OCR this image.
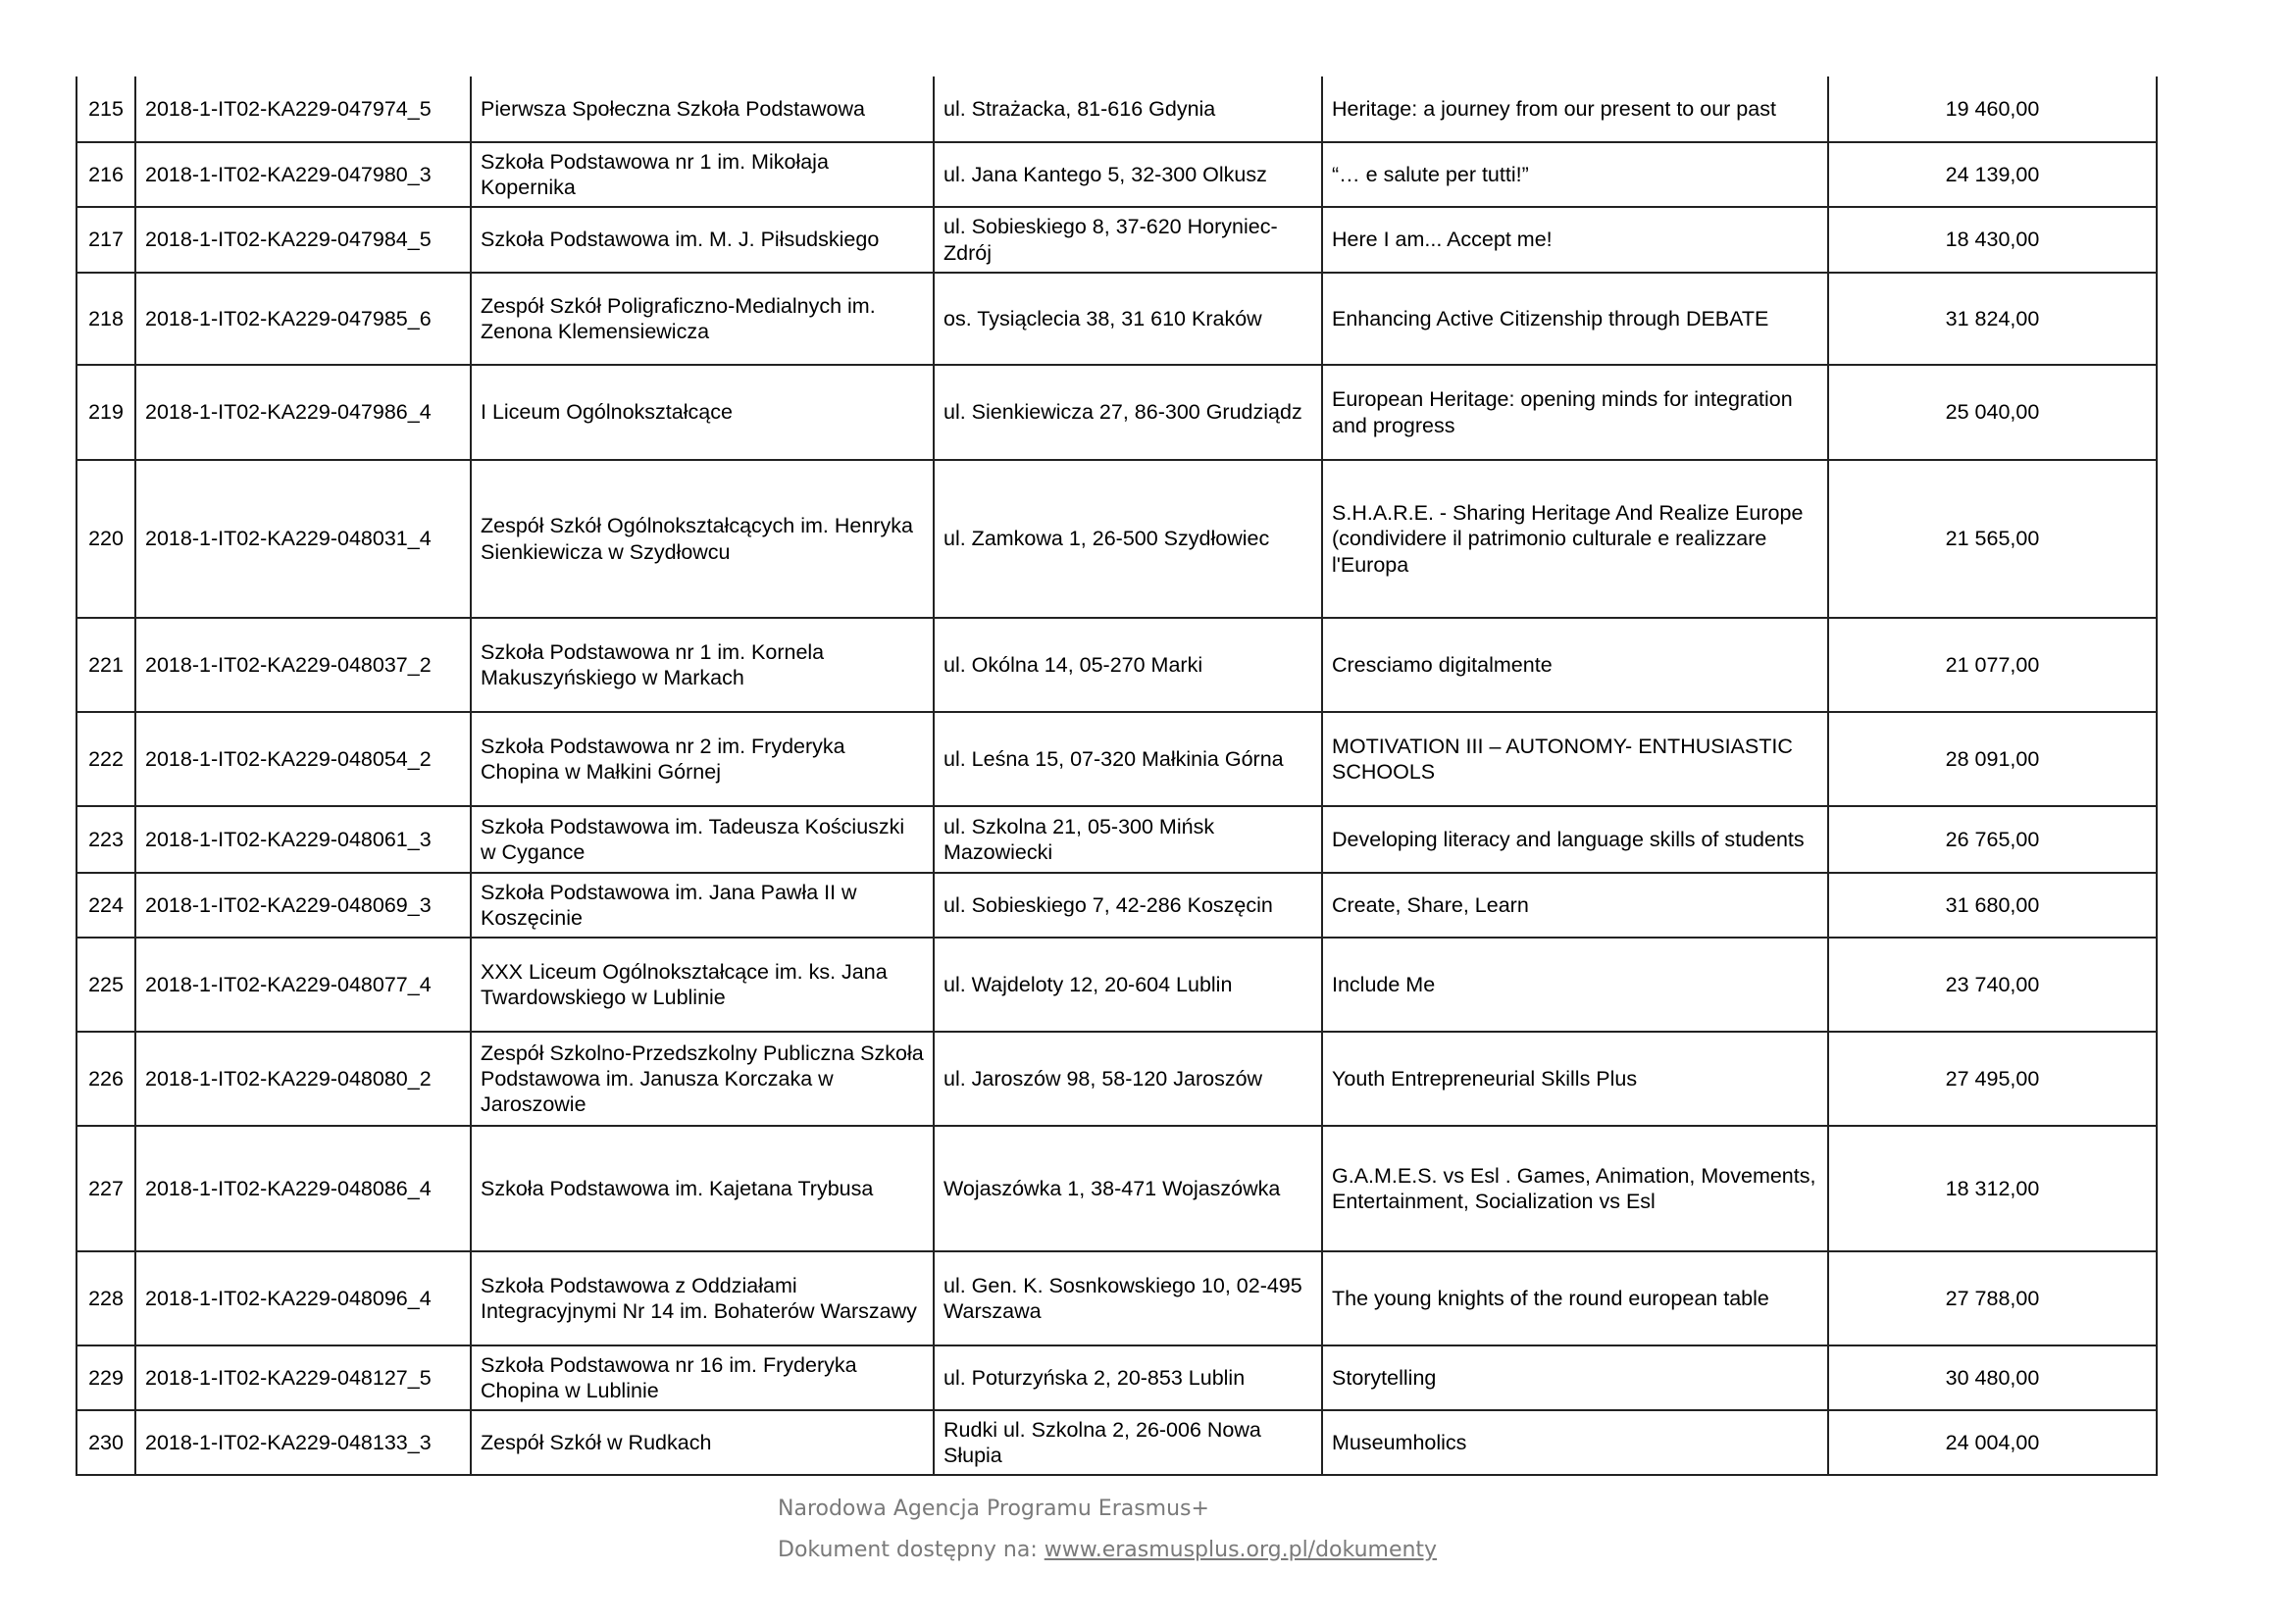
215	2018-1-IT02-KA229-047974_5	Pierwsza Społeczna Szkoła Podstawowa	ul. Strażacka, 81-616 Gdynia	Heritage: a journey from our present to our past	19 460,00
216	2018-1-IT02-KA229-047980_3	Szkoła Podstawowa nr 1 im. Mikołaja Kopernika	ul. Jana Kantego 5, 32-300 Olkusz	“… e salute per tutti!”	24 139,00
217	2018-1-IT02-KA229-047984_5	Szkoła Podstawowa im. M. J. Piłsudskiego	ul. Sobieskiego 8, 37-620 Horyniec-Zdrój	Here I am... Accept me!	18 430,00
218	2018-1-IT02-KA229-047985_6	Zespół Szkół Poligraficzno-Medialnych im. Zenona Klemensiewicza	os. Tysiąclecia 38, 31 610 Kraków	Enhancing Active Citizenship through DEBATE	31 824,00
219	2018-1-IT02-KA229-047986_4	I Liceum Ogólnokształcące	ul. Sienkiewicza 27, 86-300 Grudziądz	European Heritage: opening minds for integration and progress	25 040,00
220	2018-1-IT02-KA229-048031_4	Zespół Szkół Ogólnokształcących im. Henryka Sienkiewicza w Szydłowcu	ul. Zamkowa 1, 26-500 Szydłowiec	S.H.A.R.E. - Sharing Heritage And Realize Europe (condividere il patrimonio culturale e realizzare l'Europa	21 565,00
221	2018-1-IT02-KA229-048037_2	Szkoła Podstawowa nr 1 im. Kornela Makuszyńskiego w Markach	ul. Okólna 14, 05-270 Marki	Cresciamo digitalmente	21 077,00
222	2018-1-IT02-KA229-048054_2	Szkoła Podstawowa nr 2 im. Fryderyka Chopina w Małkini Górnej	ul. Leśna 15, 07-320 Małkinia Górna	MOTIVATION III – AUTONOMY- ENTHUSIASTIC SCHOOLS	28 091,00
223	2018-1-IT02-KA229-048061_3	Szkoła Podstawowa im. Tadeusza Kościuszki w Cygance	ul. Szkolna 21, 05-300 Mińsk Mazowiecki	Developing literacy and language skills of students	26 765,00
224	2018-1-IT02-KA229-048069_3	Szkoła Podstawowa im. Jana Pawła II w Koszęcinie	ul. Sobieskiego 7, 42-286 Koszęcin	Create, Share, Learn	31 680,00
225	2018-1-IT02-KA229-048077_4	XXX Liceum Ogólnokształcące im. ks. Jana Twardowskiego w Lublinie	ul. Wajdeloty 12, 20-604 Lublin	Include Me	23 740,00
226	2018-1-IT02-KA229-048080_2	Zespół Szkolno-Przedszkolny Publiczna Szkoła Podstawowa im. Janusza Korczaka w Jaroszowie	ul. Jaroszów 98, 58-120 Jaroszów	Youth Entrepreneurial Skills Plus	27 495,00
227	2018-1-IT02-KA229-048086_4	Szkoła Podstawowa im. Kajetana Trybusa	Wojaszówka 1, 38-471 Wojaszówka	G.A.M.E.S. vs Esl . Games, Animation, Movements, Entertainment, Socialization vs Esl	18 312,00
228	2018-1-IT02-KA229-048096_4	Szkoła Podstawowa z Oddziałami Integracyjnymi Nr 14 im. Bohaterów Warszawy	ul. Gen. K. Sosnkowskiego 10, 02-495 Warszawa	The young knights of the round european table	27 788,00
229	2018-1-IT02-KA229-048127_5	Szkoła Podstawowa nr 16 im. Fryderyka Chopina w Lublinie	ul. Poturzyńska 2, 20-853 Lublin	Storytelling	30 480,00
230	2018-1-IT02-KA229-048133_3	Zespół Szkół w Rudkach	Rudki ul. Szkolna 2, 26-006 Nowa Słupia	Museumholics	24 004,00
Narodowa Agencja Programu Erasmus+
Dokument dostępny na: www.erasmusplus.org.pl/dokumenty
